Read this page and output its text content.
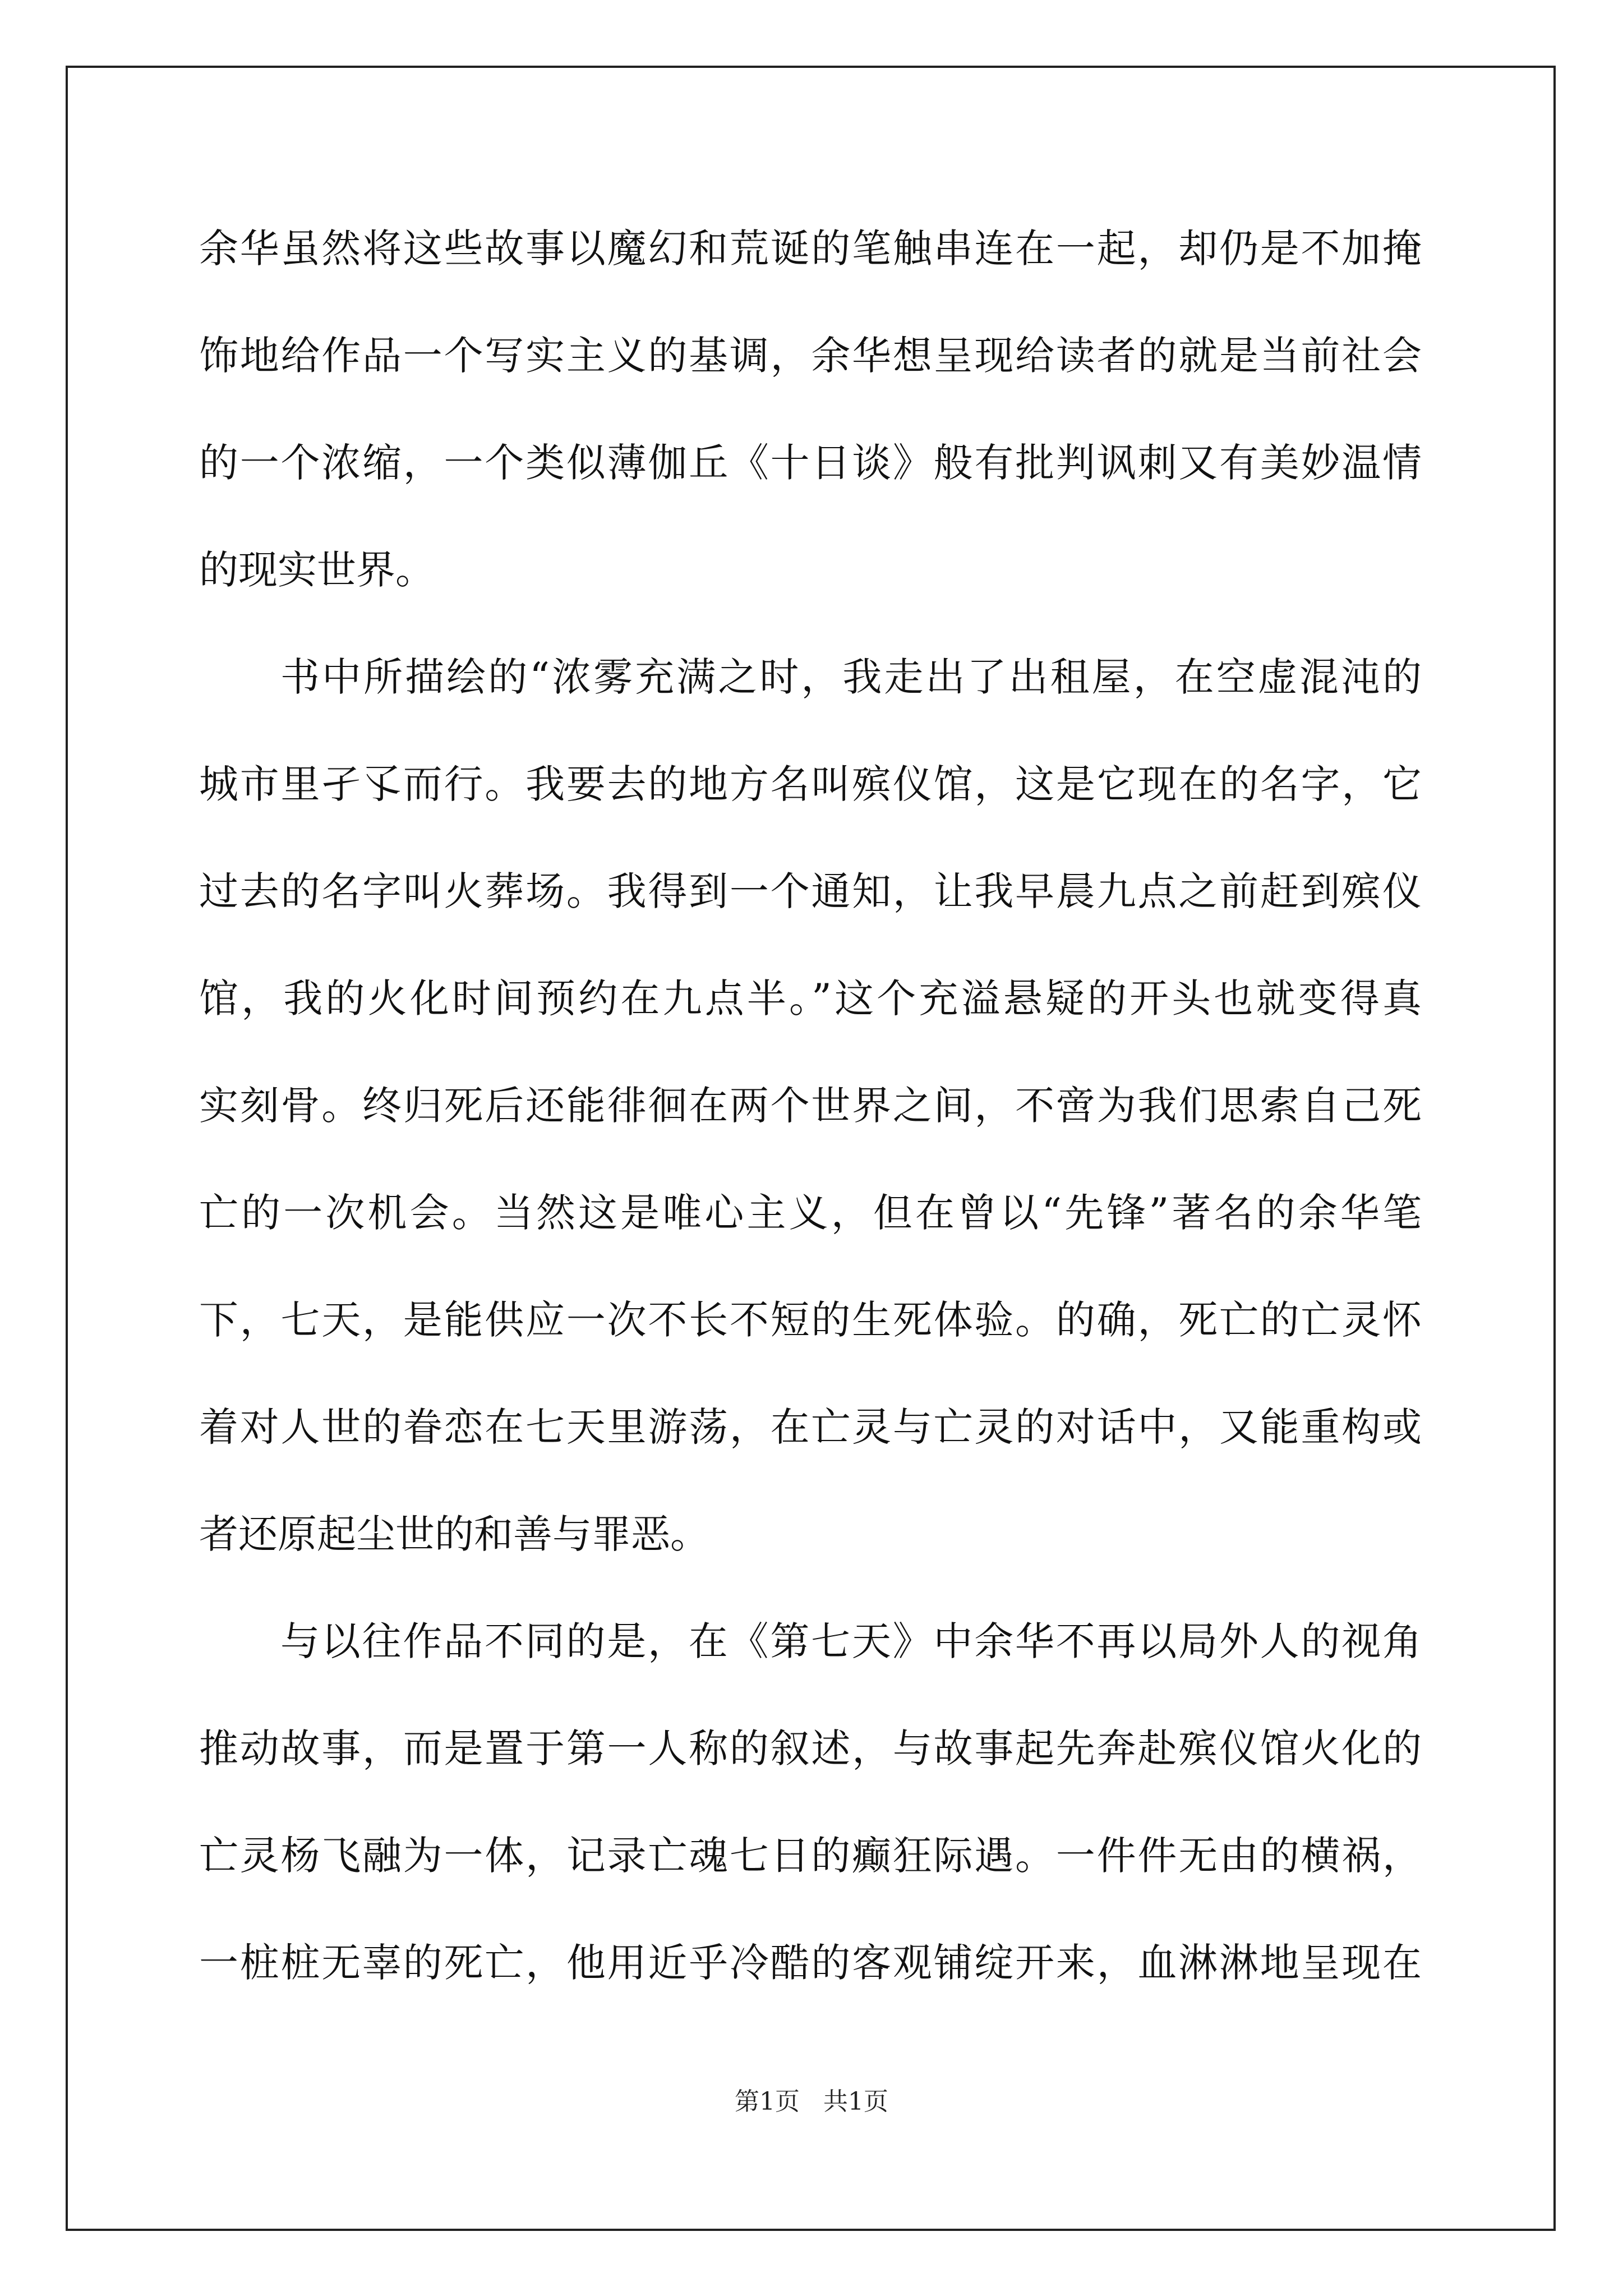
余华虽然将这些故事以魔幻和荒诞的笔触串连在一起，却仍是不加掩
饰地给作品一个写实主义的基调，余华想呈现给读者的就是当前社会
的一个浓缩，一个类似薄伽丘《十日谈》般有批判讽刺又有美妙温情
的现实世界。
书中所描绘的“浓雾充满之时，我走出了出租屋，在空虚混沌的
城市里孑孓而行。我要去的地方名叫殡仪馆，这是它现在的名字，它
过去的名字叫火葬场。我得到一个通知，让我早晨九点之前赶到殡仪
馆，我的火化时间预约在九点半。”这个充溢悬疑的开头也就变得真
实刻骨。终归死后还能徘徊在两个世界之间，不啻为我们思索自己死
亡的一次机会。当然这是唯心主义，但在曾以“先锋”著名的余华笔
下，七天，是能供应一次不长不短的生死体验。的确，死亡的亡灵怀
着对人世的眷恋在七天里游荡，在亡灵与亡灵的对话中，又能重构或
者还原起尘世的和善与罪恶。
与以往作品不同的是，在《第七天》中余华不再以局外人的视角
推动故事，而是置于第一人称的叙述，与故事起先奔赴殡仪馆火化的
亡灵杨飞融为一体，记录亡魂七日的癫狂际遇。一件件无由的横祸，
一桩桩无辜的死亡，他用近乎冷酷的客观铺绽开来，血淋淋地呈现在
第1页   共1页
